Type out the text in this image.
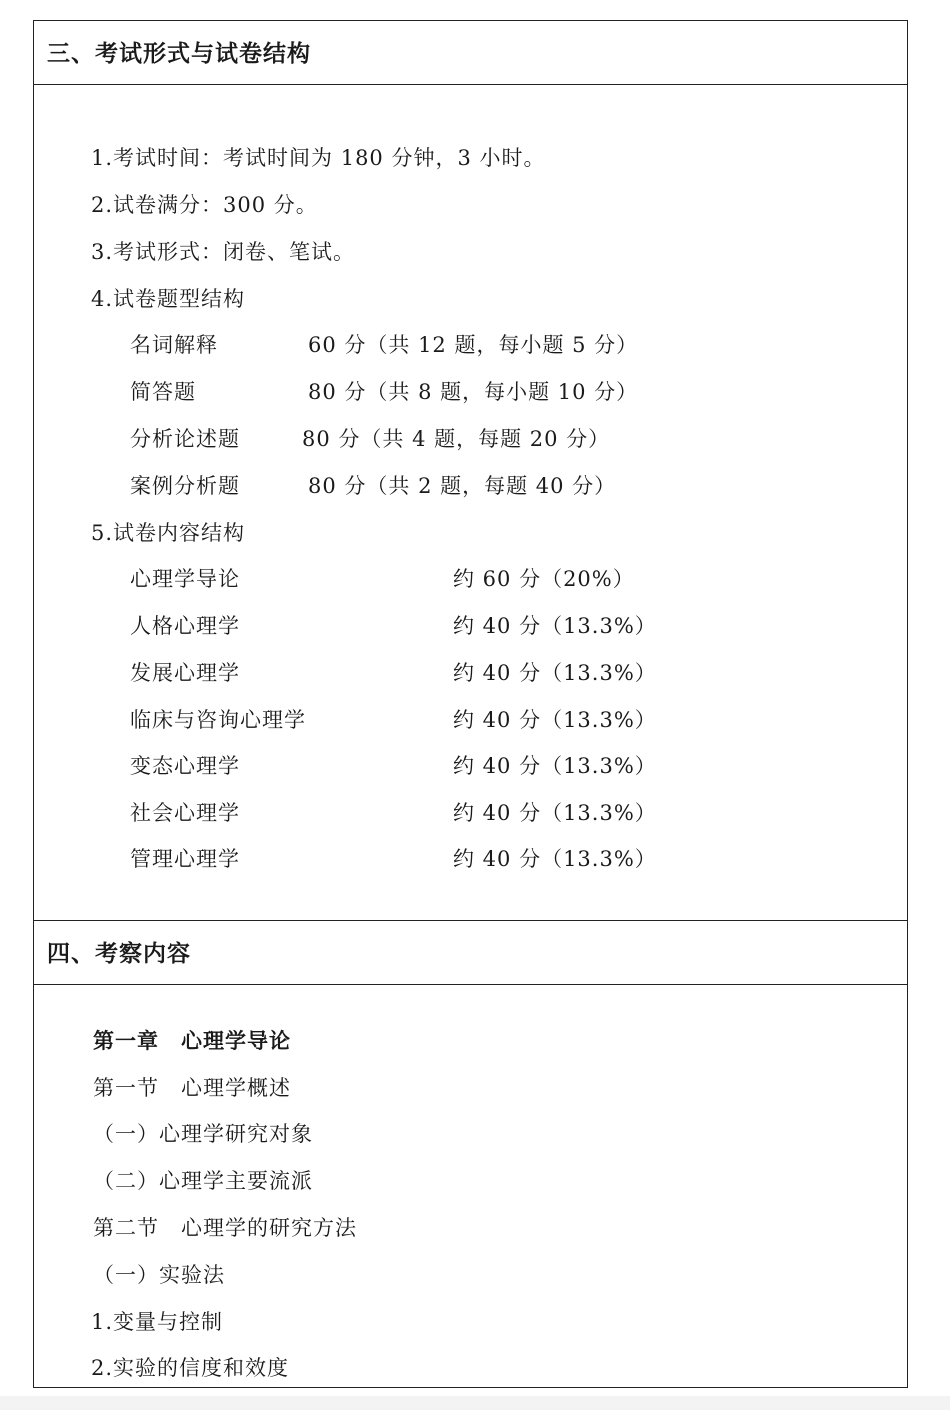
三、考试形式与试卷结构
1.考试时间：考试时间为 180 分钟，3 小时。
2.试卷满分：300 分。
3.考试形式：闭卷、笔试。
4.试卷题型结构
名词解释	60 分（共 12 题，每小题 5 分）
简答题	80 分（共 8 题，每小题 10 分）
分析论述题	80 分（共 4 题，每题 20 分）
案例分析题	80 分（共 2 题，每题 40 分）
5.试卷内容结构
心理学导论	约 60 分（20%）
人格心理学	约 40 分（13.3%）
发展心理学	约 40 分（13.3%）
临床与咨询心理学	约 40 分（13.3%）
变态心理学	约 40 分（13.3%）
社会心理学	约 40 分（13.3%）
管理心理学	约 40 分（13.3%）
四、考察内容
第一章　心理学导论
第一节　心理学概述
（一）心理学研究对象
（二）心理学主要流派
第二节　心理学的研究方法
（一）实验法
1.变量与控制
2.实验的信度和效度
